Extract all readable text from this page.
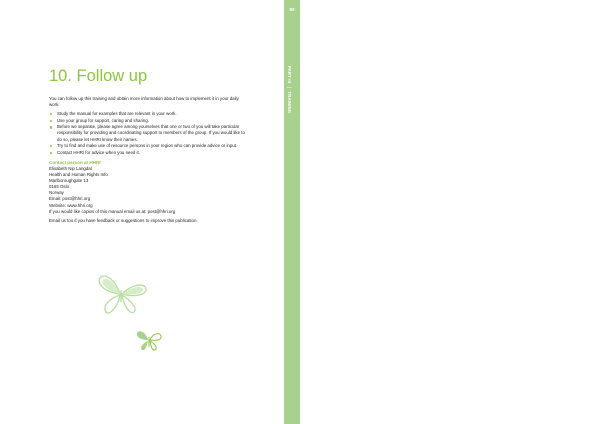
93
PART III | TRAINING
10. Follow up

You can follow up this training and obtain more information about how to implement it in your daily work.

Study the manual for examples that are relevant in your work.
Use your group for support, caring and sharing.
Before we separate, please agree among yourselves that one or two of you will take particular responsibility for providing and coordinating support to members of the group. If you would like to do so, please let HHRI know their names.
Try to find and make use of resource persons in your region who can provide advice or input.
Contact HHRI for advice when you need it.
Contact person at HHRI
Elisabeth Nip Langdal
Health and Human Rights Info
Marlboroughgate 13
0165 Oslo
Norway
Email: post@hhri.org
Website: www.hhri.org

If you would like copies of this manual email us at: post@hhri.org

Email us too if you have feedback or suggestions to improve this publication.
